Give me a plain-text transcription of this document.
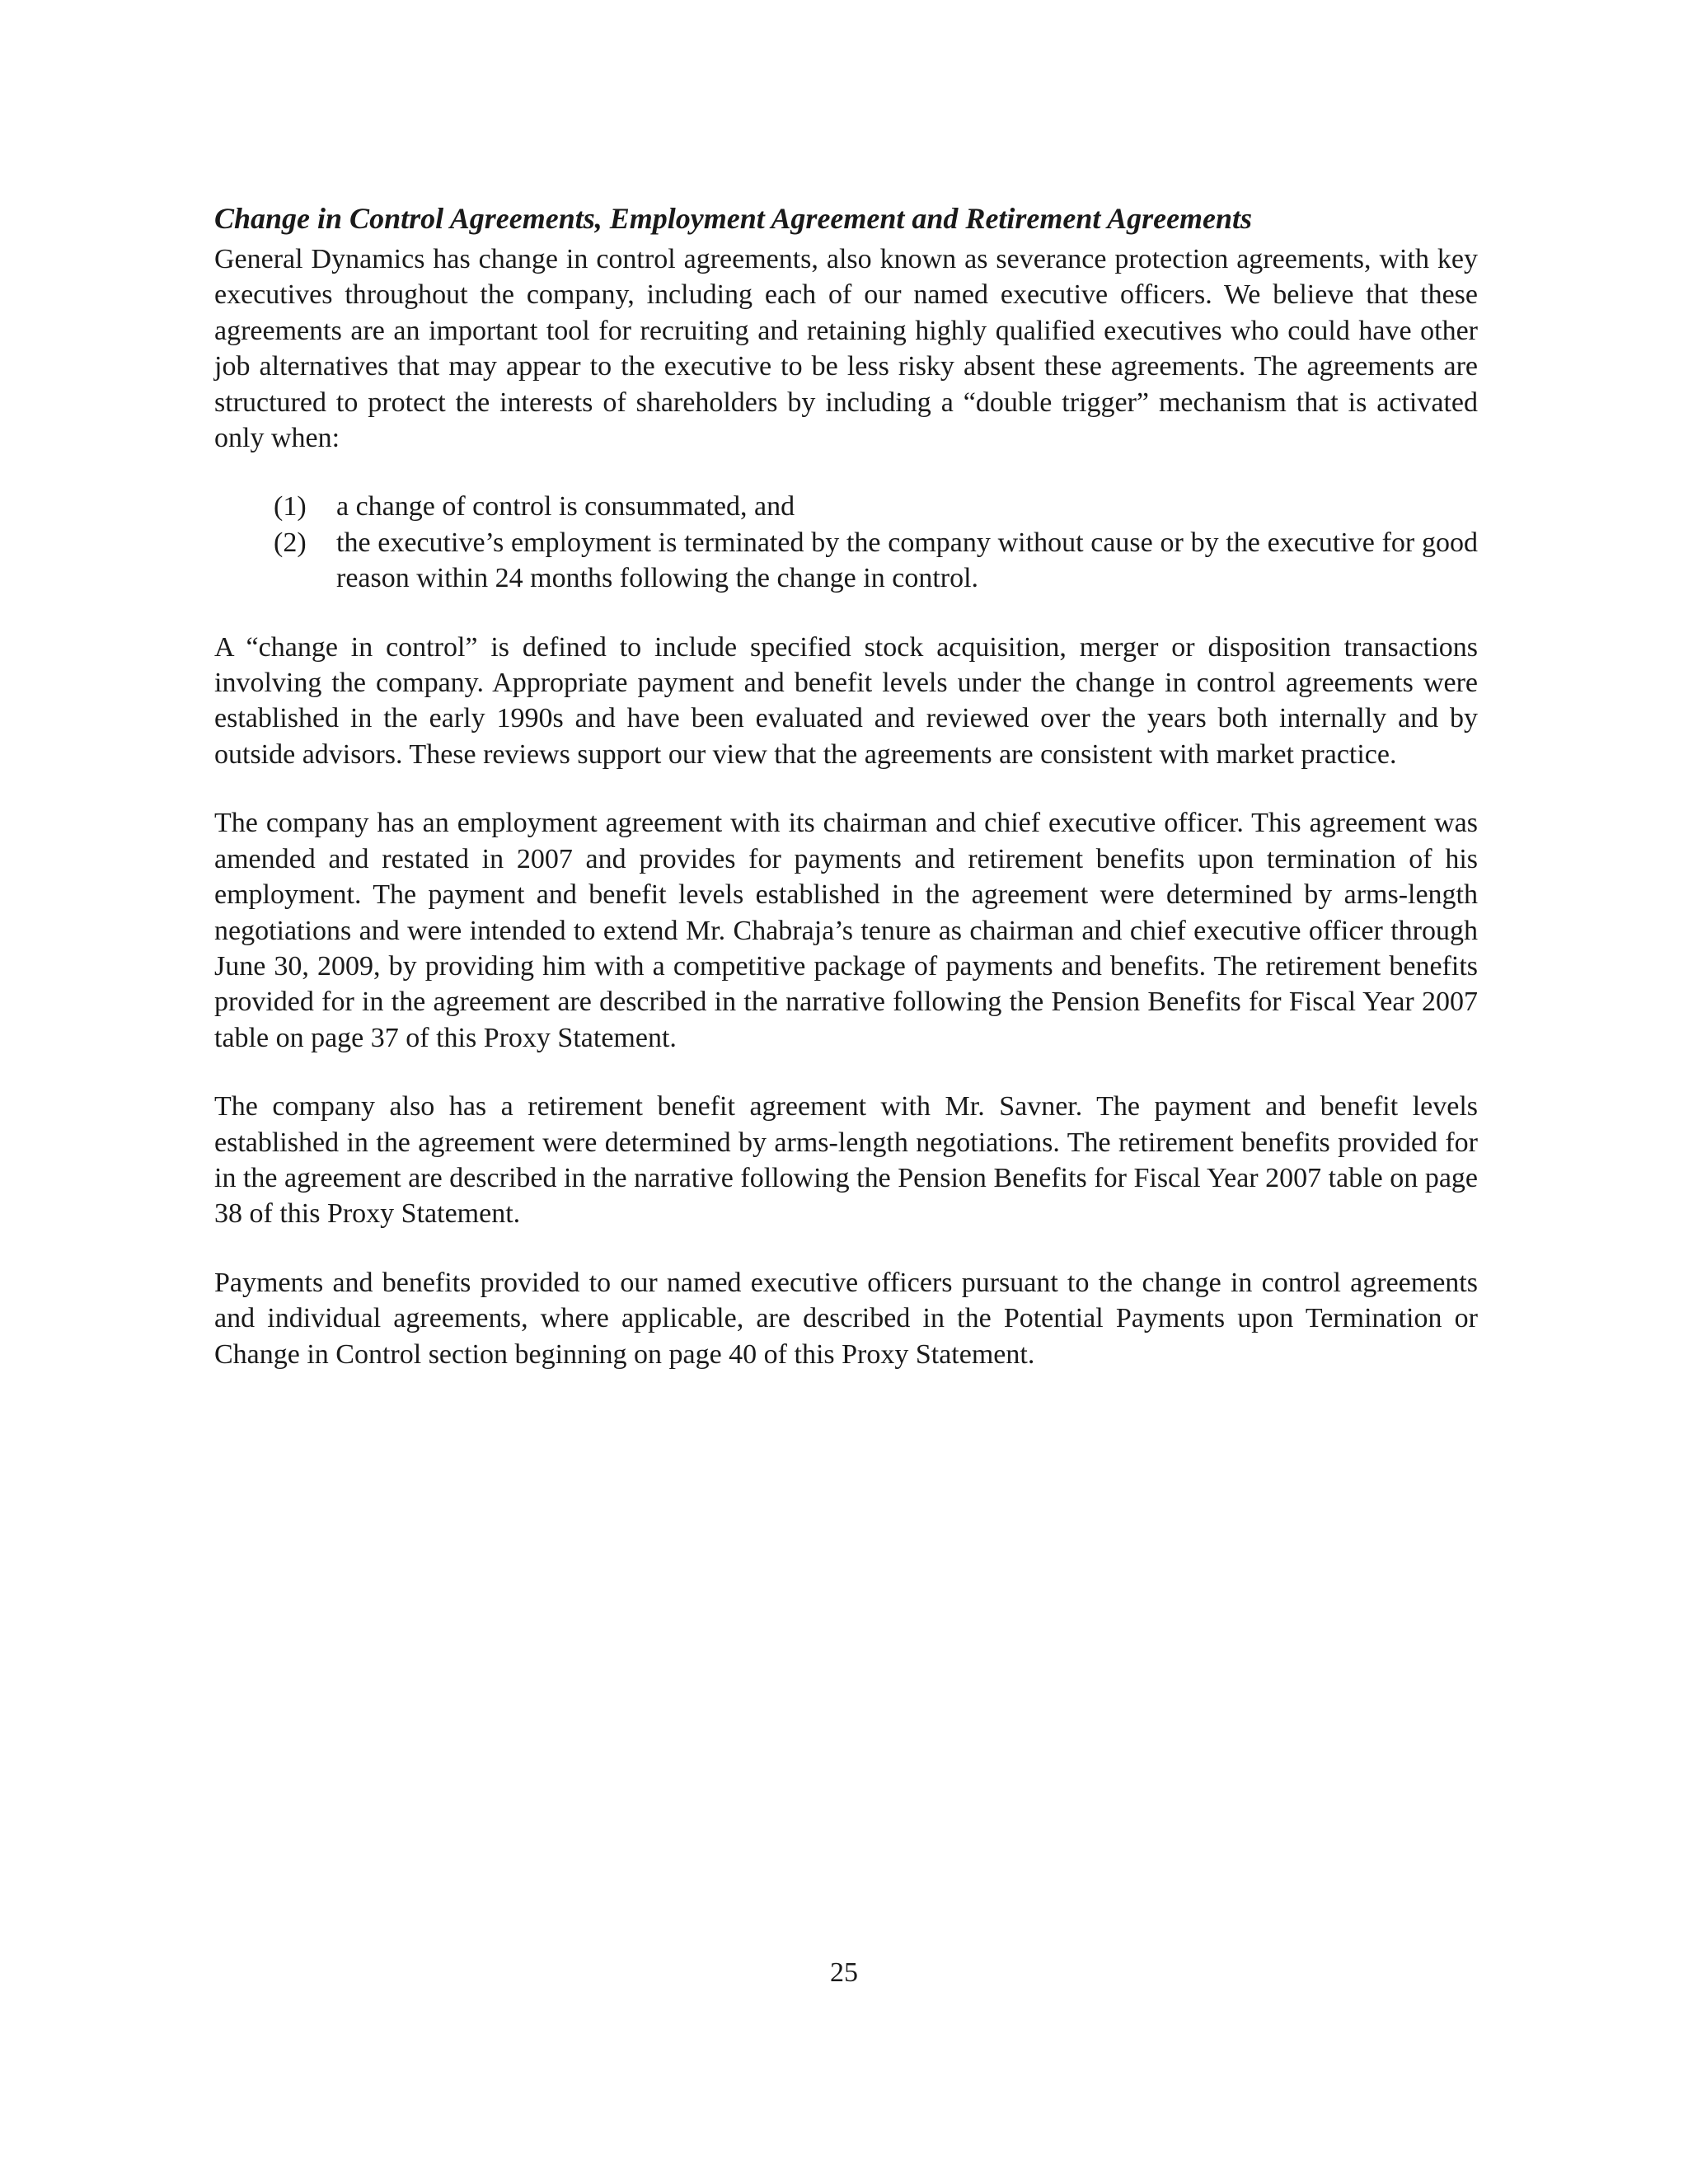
Change in Control Agreements, Employment Agreement and Retirement Agreements

General Dynamics has change in control agreements, also known as severance protection agreements, with key executives throughout the company, including each of our named executive officers. We believe that these agreements are an important tool for recruiting and retaining highly qualified executives who could have other job alternatives that may appear to the executive to be less risky absent these agreements. The agreements are structured to protect the interests of shareholders by including a “double trigger” mechanism that is activated only when:

(1) a change of control is consummated, and
(2) the executive’s employment is terminated by the company without cause or by the executive for good reason within 24 months following the change in control.

A “change in control” is defined to include specified stock acquisition, merger or disposition transactions involving the company. Appropriate payment and benefit levels under the change in control agreements were established in the early 1990s and have been evaluated and reviewed over the years both internally and by outside advisors. These reviews support our view that the agreements are consistent with market practice.

The company has an employment agreement with its chairman and chief executive officer. This agreement was amended and restated in 2007 and provides for payments and retirement benefits upon termination of his employment. The payment and benefit levels established in the agreement were determined by arms-length negotiations and were intended to extend Mr. Chabraja’s tenure as chairman and chief executive officer through June 30, 2009, by providing him with a competitive package of payments and benefits. The retirement benefits provided for in the agreement are described in the narrative following the Pension Benefits for Fiscal Year 2007 table on page 37 of this Proxy Statement.

The company also has a retirement benefit agreement with Mr. Savner. The payment and benefit levels established in the agreement were determined by arms-length negotiations. The retirement benefits provided for in the agreement are described in the narrative following the Pension Benefits for Fiscal Year 2007 table on page 38 of this Proxy Statement.

Payments and benefits provided to our named executive officers pursuant to the change in control agreements and individual agreements, where applicable, are described in the Potential Payments upon Termination or Change in Control section beginning on page 40 of this Proxy Statement.

25
